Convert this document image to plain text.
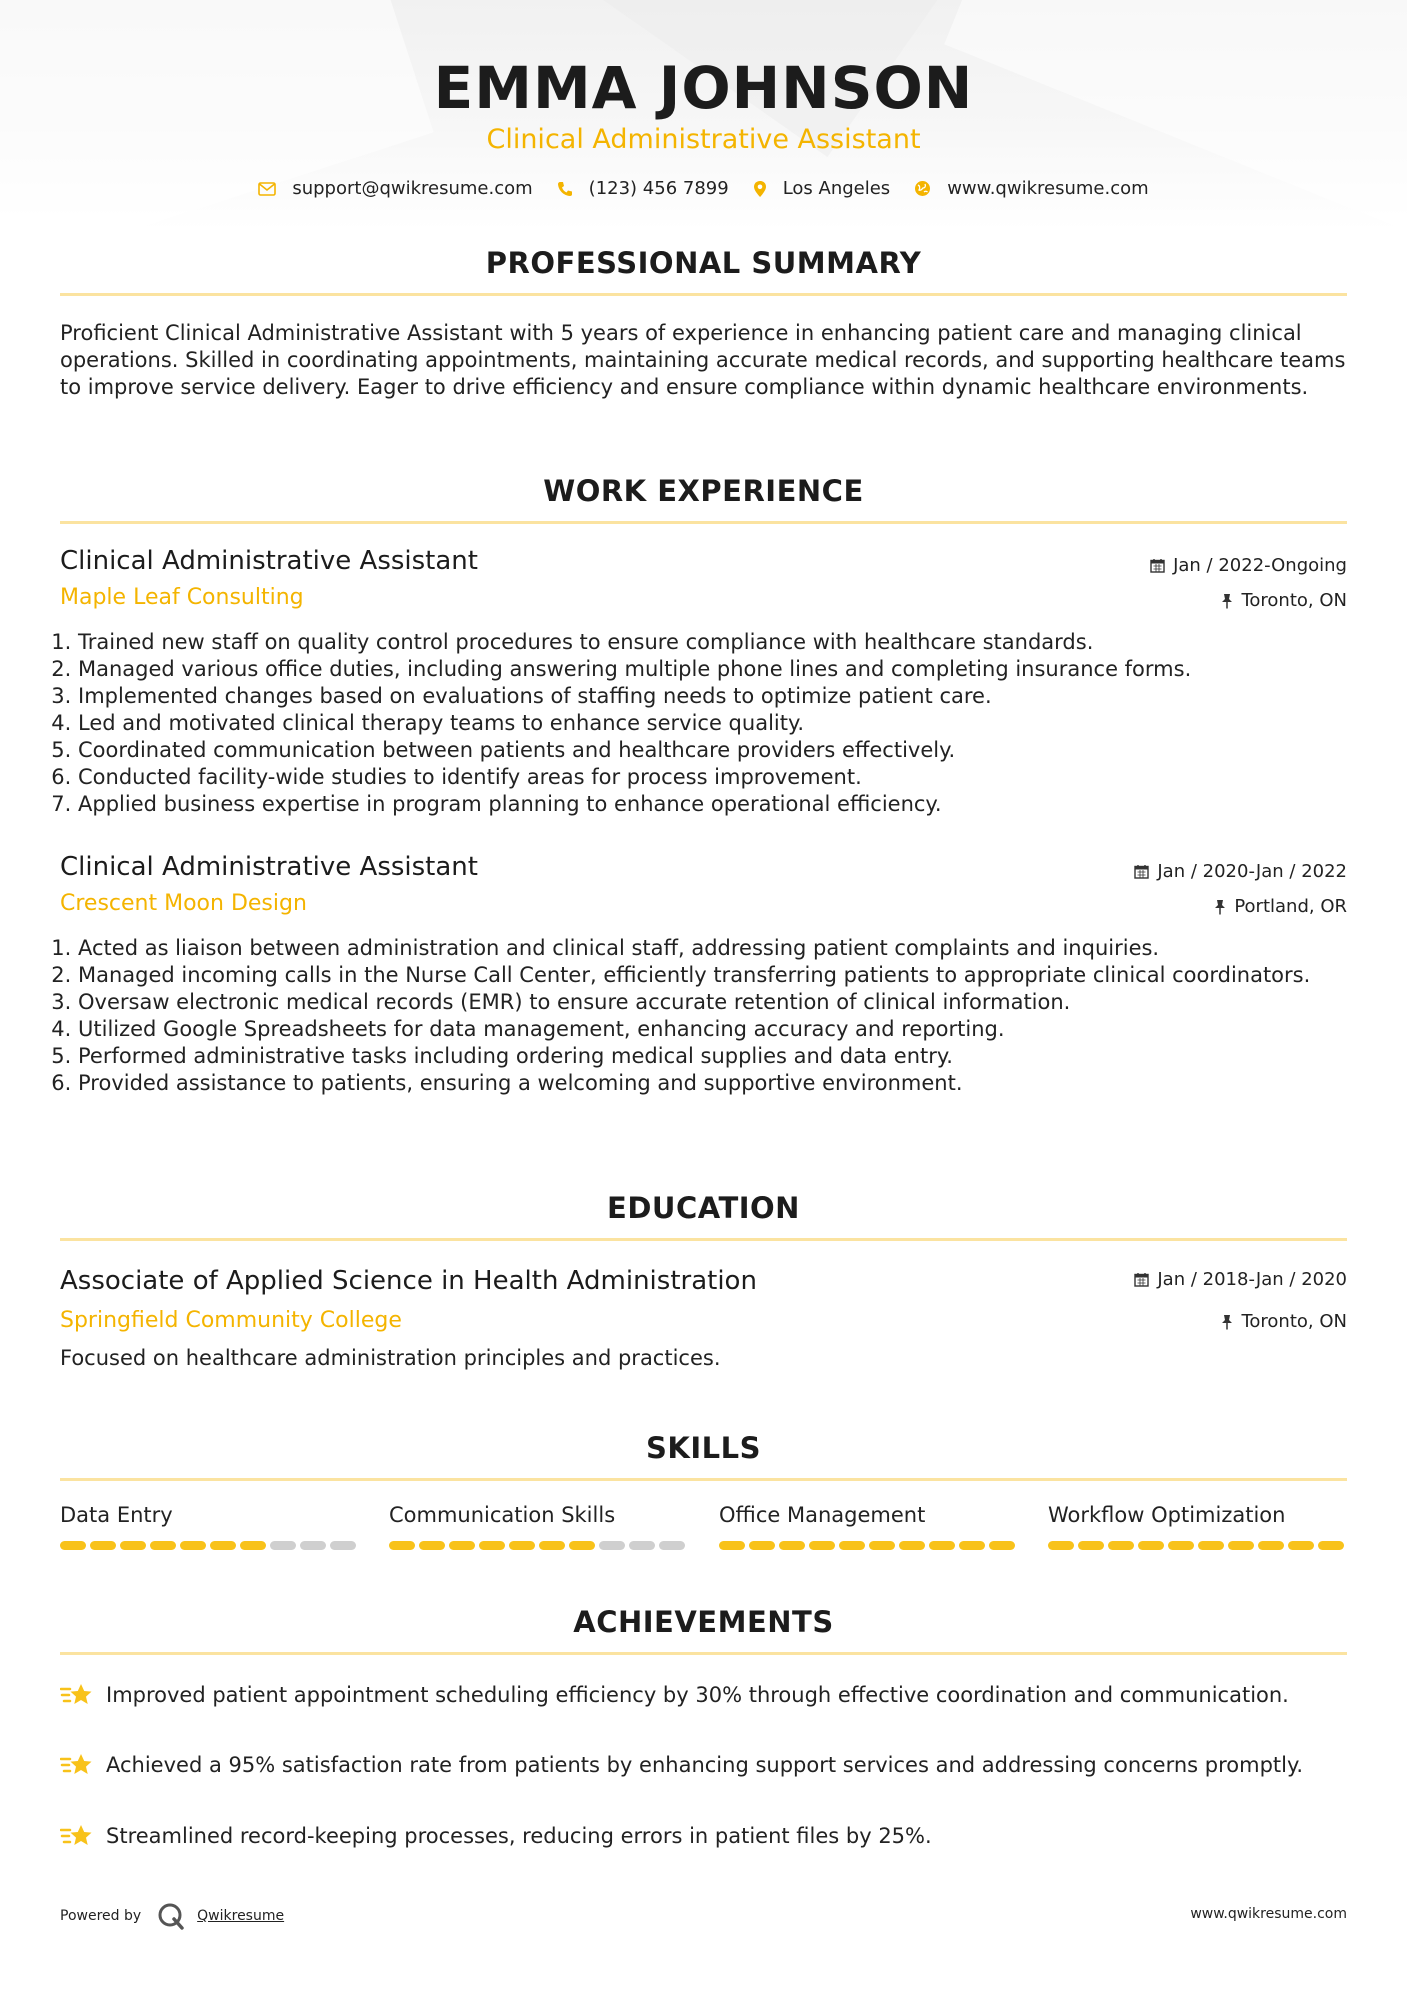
EMMA JOHNSON
Clinical Administrative Assistant
support@qwikresume.com	(123) 456 7899	Los Angeles	www.qwikresume.com
PROFESSIONAL SUMMARY
Proficient Clinical Administrative Assistant with 5 years of experience in enhancing patient care and managing clinical operations. Skilled in coordinating appointments, maintaining accurate medical records, and supporting healthcare teams to improve service delivery. Eager to drive efficiency and ensure compliance within dynamic healthcare environments.
WORK EXPERIENCE
Clinical Administrative Assistant	Jan / 2022-Ongoing
Maple Leaf Consulting	Toronto, ON
1. Trained new staff on quality control procedures to ensure compliance with healthcare standards.
2. Managed various office duties, including answering multiple phone lines and completing insurance forms.
3. Implemented changes based on evaluations of staffing needs to optimize patient care.
4. Led and motivated clinical therapy teams to enhance service quality.
5. Coordinated communication between patients and healthcare providers effectively.
6. Conducted facility-wide studies to identify areas for process improvement.
7. Applied business expertise in program planning to enhance operational efficiency.
Clinical Administrative Assistant	Jan / 2020-Jan / 2022
Crescent Moon Design	Portland, OR
1. Acted as liaison between administration and clinical staff, addressing patient complaints and inquiries.
2. Managed incoming calls in the Nurse Call Center, efficiently transferring patients to appropriate clinical coordinators.
3. Oversaw electronic medical records (EMR) to ensure accurate retention of clinical information.
4. Utilized Google Spreadsheets for data management, enhancing accuracy and reporting.
5. Performed administrative tasks including ordering medical supplies and data entry.
6. Provided assistance to patients, ensuring a welcoming and supportive environment.
EDUCATION
Associate of Applied Science in Health Administration	Jan / 2018-Jan / 2020
Springfield Community College	Toronto, ON
Focused on healthcare administration principles and practices.
SKILLS
Data Entry	Communication Skills	Office Management	Workflow Optimization
ACHIEVEMENTS
Improved patient appointment scheduling efficiency by 30% through effective coordination and communication.
Achieved a 95% satisfaction rate from patients by enhancing support services and addressing concerns promptly.
Streamlined record-keeping processes, reducing errors in patient files by 25%.
Powered by	Qwikresume	www.qwikresume.com
